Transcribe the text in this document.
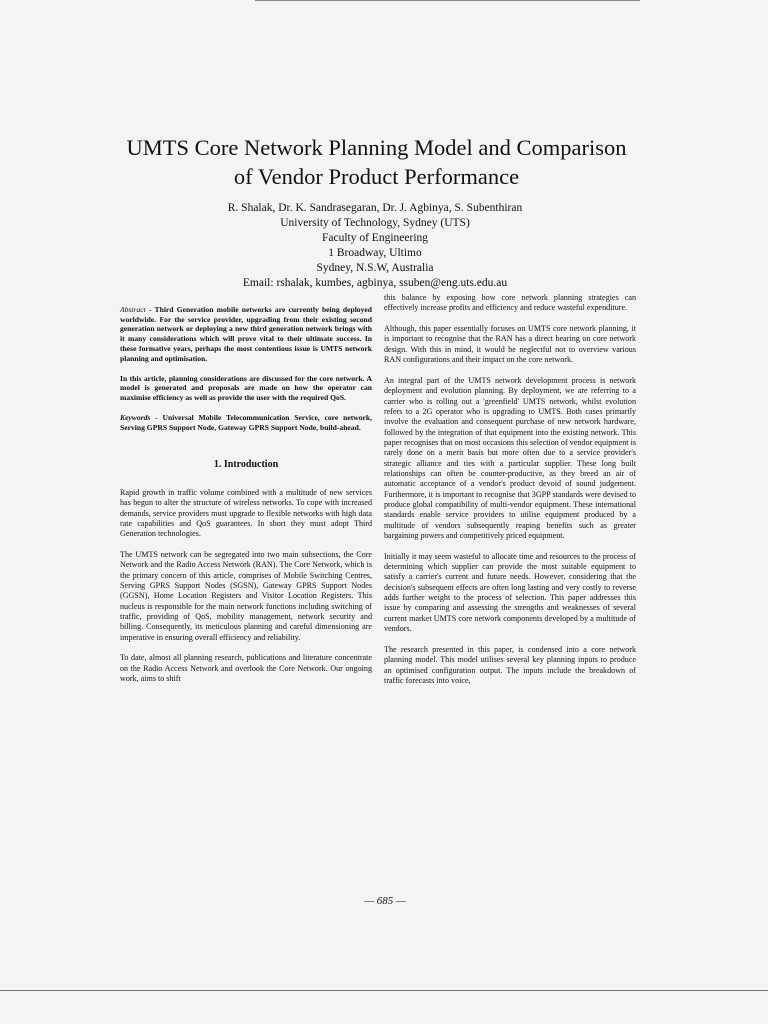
UMTS Core Network Planning Model and Comparison of Vendor Product Performance
R. Shalak, Dr. K. Sandrasegaran, Dr. J. Agbinya, S. Subenthiran
University of Technology, Sydney (UTS)
Faculty of Engineering
1 Broadway, Ultimo
Sydney, N.S.W, Australia
Email: rshalak, kumbes, agbinya, ssuben@eng.uts.edu.au

Abstract - Third Generation mobile networks are currently being deployed worldwide. For the service provider, upgrading from their existing second generation network or deploying a new third generation network brings with it many considerations which will prove vital to their ultimate success. In these formative years, perhaps the most contentious issue is UMTS network planning and optimisation.

In this article, planning considerations are discussed for the core network. A model is generated and proposals are made on how the operator can maximise efficiency as well as provide the user with the required QoS.

Keywords - Universal Mobile Telecommunication Service, core network, Serving GPRS Support Node, Gateway GPRS Support Node, build-ahead.

1. Introduction

Rapid growth in traffic volume combined with a multitude of new services has begun to alter the structure of wireless networks. To cope with increased demands, service providers must upgrade to flexible networks with high data rate capabilities and QoS guarantees. In short they must adopt Third Generation technologies.

The UMTS network can be segregated into two main subsections, the Core Network and the Radio Access Network (RAN). The Core Network, which is the primary concern of this article, comprises of Mobile Switching Centres, Serving GPRS Support Nodes (SGSN), Gateway GPRS Support Nodes (GGSN), Home Location Registers and Visitor Location Registers. This nucleus is responsible for the main network functions including switching of traffic, providing of QoS, mobility management, network security and billing. Consequently, its meticulous planning and careful dimensioning are imperative in ensuring overall efficiency and reliability.

To date, almost all planning research, publications and literature concentrate on the Radio Access Network and overlook the Core Network. Our ongoing work, aims to shift

this balance by exposing how core network planning strategies can effectively increase profits and efficiency and reduce wasteful expenditure.

Although, this paper essentially focuses on UMTS core network planning, it is important to recognise that the RAN has a direct bearing on core network design. With this in mind, it would be neglectful not to overview various RAN configurations and their impact on the core network.

An integral part of the UMTS network development process is network deployment and evolution planning. By deployment, we are referring to a carrier who is rolling out a 'greenfield' UMTS network, whilst evolution refers to a 2G operator who is upgrading to UMTS. Both cases primarily involve the evaluation and consequent purchase of new network hardware, followed by the integration of that equipment into the existing network. This paper recognises that on most occasions this selection of vendor equipment is rarely done on a merit basis but more often due to a service provider's strategic alliance and ties with a particular supplier. These long built relationships can often be counter-productive, as they breed an air of automatic acceptance of a vendor's product devoid of sound judgement. Furthermore, it is important to recognise that 3GPP standards were devised to produce global compatibility of multi-vendor equipment. These international standards enable service providers to utilise equipment produced by a multitude of vendors subsequently reaping benefits such as greater bargaining powers and competitively priced equipment.

Initially it may seem wasteful to allocate time and resources to the process of determining which supplier can provide the most suitable equipment to satisfy a carrier's current and future needs. However, considering that the decision's subsequent effects are often long lasting and very costly to reverse adds further weight to the process of selection. This paper addresses this issue by comparing and assessing the strengths and weaknesses of several current market UMTS core network components developed by a multitude of vendors.

The research presented in this paper, is condensed into a core network planning model. This model utilises several key planning inputs to produce an optimised configuration output. The inputs include the breakdown of traffic forecasts into voice,

— 685 —
